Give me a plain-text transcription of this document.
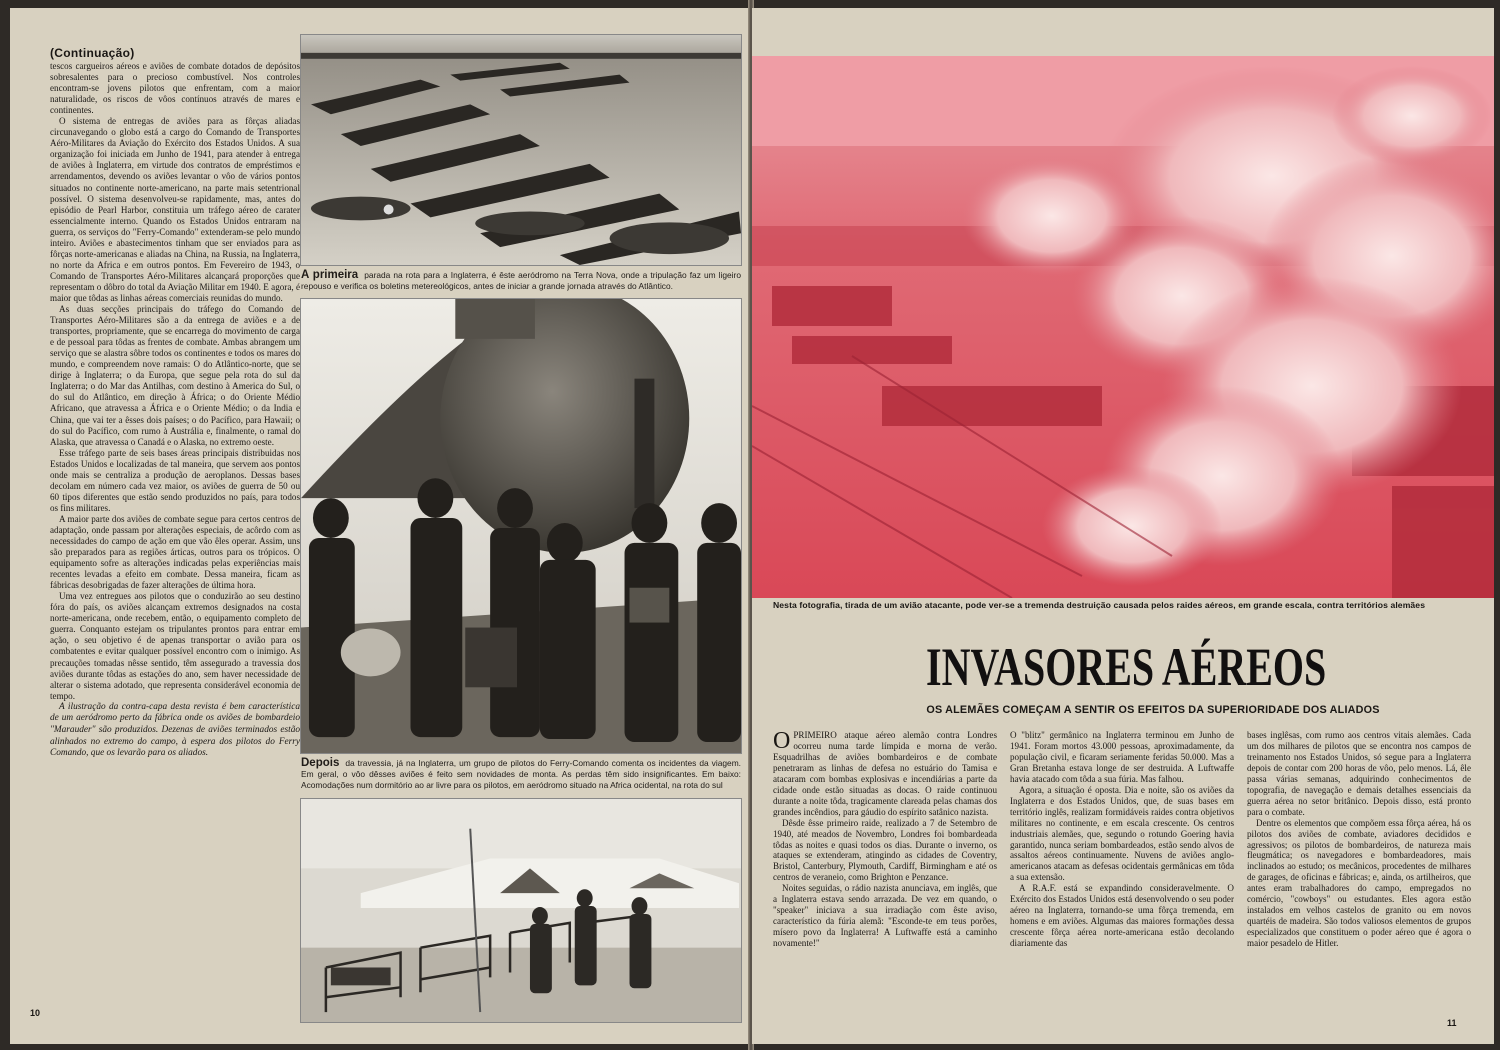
(Continuação)

tescos cargueiros aéreos e aviões de combate dotados de depósitos sobresalentes para o precioso combustível. Nos controles encontram-se jovens pilotos que enfrentam, com a maior naturalidade, os riscos de vôos contínuos através de mares e continentes.

O sistema de entregas de aviões para as fôrças aliadas circunavegando o globo está a cargo do Comando de Transportes Aéro-Militares da Aviação do Exército dos Estados Unidos. A sua organização foi iniciada em Junho de 1941, para atender à entrega de aviões à Inglaterra, em virtude dos contratos de empréstimos e arrendamentos, devendo os aviões levantar o vôo de vários pontos situados no continente norte-americano, na parte mais setentrional possível. O sistema desenvolveu-se rapidamente, mas, antes do episódio de Pearl Harbor, constituia um tráfego aéreo de carater essencialmente interno. Quando os Estados Unidos entraram na guerra, os serviços do "Ferry-Comando" extenderam-se pelo mundo inteiro. Aviões e abastecimentos tinham que ser enviados para as fôrças norte-americanas e aliadas na China, na Russia, na Inglaterra, no norte da Africa e em outros pontos. Em Fevereiro de 1943, o Comando de Transportes Aéro-Militares alcançará proporções que representam o dôbro do total da Aviação Militar em 1940. E agora, é maior que tôdas as linhas aéreas comerciais reunidas do mundo.

As duas secções principais do tráfego do Comando de Transportes Aéro-Militares são a da entrega de aviões e a de transportes, propriamente, que se encarrega do movimento de carga e de pessoal para tôdas as frentes de combate. Ambas abrangem um serviço que se alastra sôbre todos os continentes e todos os mares do mundo, e compreendem nove ramais: O do Atlântico-norte, que se dirige à Inglaterra; o da Europa, que segue pela rota do sul da Inglaterra; o do Mar das Antilhas, com destino à America do Sul, o do sul do Atlântico, em direção à África; o do Oriente Médio Africano, que atravessa a África e o Oriente Médio; o da India e China, que vai ter a êsses dois países; o do Pacífico, para Hawaii; o do sul do Pacífico, com rumo à Austrália e, finalmente, o ramal do Alaska, que atravessa o Canadá e o Alaska, no extremo oeste.

Esse tráfego parte de seis bases áreas principais distribuidas nos Estados Unidos e localizadas de tal maneira, que servem aos pontos onde mais se centraliza a produção de aeroplanos. Dessas bases decolam em número cada vez maior, os aviões de guerra de 50 ou 60 tipos diferentes que estão sendo produzidos no país, para todos os fins militares.

A maior parte dos aviões de combate segue para certos centros de adaptação, onde passam por alterações especiais, de acôrdo com as necessidades do campo de ação em que vão êles operar. Assim, uns são preparados para as regiões árticas, outros para os trópicos. O equipamento sofre as alterações indicadas pelas experiências mais recentes levadas a efeito em combate. Dessa maneira, ficam as fábricas desobrigadas de fazer alterações de última hora.

Uma vez entregues aos pilotos que o conduzirão ao seu destino fóra do país, os aviões alcançam extremos designados na costa norte-americana, onde recebem, então, o equipamento completo de guerra. Conquanto estejam os tripulantes prontos para entrar em ação, o seu objetivo é de apenas transportar o avião para os combatentes e evitar qualquer possível encontro com o inimigo. As precauções tomadas nêsse sentido, têm assegurado a travessia dos aviões durante tôdas as estações do ano, sem haver necessidade de alterar o sistema adotado, que representa considerável economia de tempo.

A ilustração da contra-capa desta revista é bem característica de um aeródromo perto da fábrica onde os aviões de bombardeio "Marauder" são produzidos. Dezenas de aviões terminados estão alinhados no extremo do campo, à espera dos pilotos do Ferry Comando, que os levarão para os aliados.

A primeira parada na rota para a Inglaterra, é êste aeródromo na Terra Nova, onde a tripulação faz um ligeiro repouso e verifica os boletins metereológicos, antes de iniciar a grande jornada através do Atlântico.
Depois da travessia, já na Inglaterra, um grupo de pilotos do Ferry-Comando comenta os incidentes da viagem. Em geral, o vôo dêsses aviões é feito sem novidades de monta. As perdas têm sido insignificantes. Em baixo: Acomodações num dormitório ao ar livre para os pilotos, em aeródromo situado na Africa ocidental, na rota do sul
10
Nesta fotografia, tirada de um avião atacante, pode ver-se a tremenda destruição causada pelos raides aéreos, em grande escala, contra territórios alemães
INVASORES AÉREOS
OS ALEMÃES COMEÇAM A SENTIR OS EFEITOS DA SUPERIORIDADE DOS ALIADOS

OPRIMEIRO ataque aéreo alemão contra Londres ocorreu numa tarde límpida e morna de verão. Esquadrilhas de aviões bombardeiros e de combate penetraram as linhas de defesa no estuário do Tamisa e atacaram com bombas explosivas e incendiárias a parte da cidade onde estão situadas as docas. O raide continuou durante a noite tôda, tragicamente clareada pelas chamas dos grandes incêndios, para gáudio do espírito satânico nazista.

Dêsde êsse primeiro raide, realizado a 7 de Setembro de 1940, até meados de Novembro, Londres foi bombardeada tôdas as noites e quasi todos os dias. Durante o inverno, os ataques se extenderam, atingindo as cidades de Coventry, Bristol, Canterbury, Plymouth, Cardiff, Birmingham e até os centros de veraneio, como Brighton e Penzance.

Noites seguidas, o rádio nazista anunciava, em inglês, que a Inglaterra estava sendo arrazada. De vez em quando, o "speaker" iniciava a sua irradiação com êste aviso, característico da fúria alemã: "Esconde-te em teus porões, mísero povo da Inglaterra! A Luftwaffe está a caminho novamente!"

O "blitz" germânico na Inglaterra terminou em Junho de 1941. Foram mortos 43.000 pessoas, aproximadamente, da população civil, e ficaram seriamente feridas 50.000. Mas a Gran Bretanha estava longe de ser destruida. A Luftwaffe havia atacado com tôda a sua fúria. Mas falhou.

Agora, a situação é oposta. Dia e noite, são os aviões da Inglaterra e dos Estados Unidos, que, de suas bases em território inglês, realizam formidáveis raides contra objetivos militares no continente, e em escala crescente. Os centros industriais alemães, que, segundo o rotundo Goering havia garantido, nunca seriam bombardeados, estão sendo alvos de assaltos aéreos continuamente. Nuvens de aviões anglo-americanos atacam as defesas ocidentais germânicas em tôda a sua extensão.

A R.A.F. está se expandindo consideravelmente. O Exército dos Estados Unidos está desenvolvendo o seu poder aéreo na Inglaterra, tornando-se uma fôrça tremenda, em homens e em aviões. Algumas das maiores formações dessa crescente fôrça aérea norte-americana estão decolando diariamente das

bases inglêsas, com rumo aos centros vitais alemães. Cada um dos milhares de pilotos que se encontra nos campos de treinamento nos Estados Unidos, só segue para a Inglaterra depois de contar com 200 horas de vôo, pelo menos. Lá, êle passa várias semanas, adquirindo conhecimentos de topografia, de navegação e demais detalhes essenciais da guerra aérea no setor britânico. Depois disso, está pronto para o combate.

Dentre os elementos que compõem essa fôrça aérea, há os pilotos dos aviões de combate, aviadores decididos e agressivos; os pilotos de bombardeiros, de natureza mais fleugmática; os navegadores e bombardeadores, mais inclinados ao estudo; os mecânicos, procedentes de milhares de garages, de oficinas e fábricas; e, ainda, os artilheiros, que antes eram trabalhadores do campo, empregados no comércio, "cowboys" ou estudantes. Eles agora estão instalados em velhos castelos de granito ou em novos quartéis de madeira. São todos valiosos elementos de grupos especializados que constituem o poder aéreo que é agora o maior pesadelo de Hitler.

11
